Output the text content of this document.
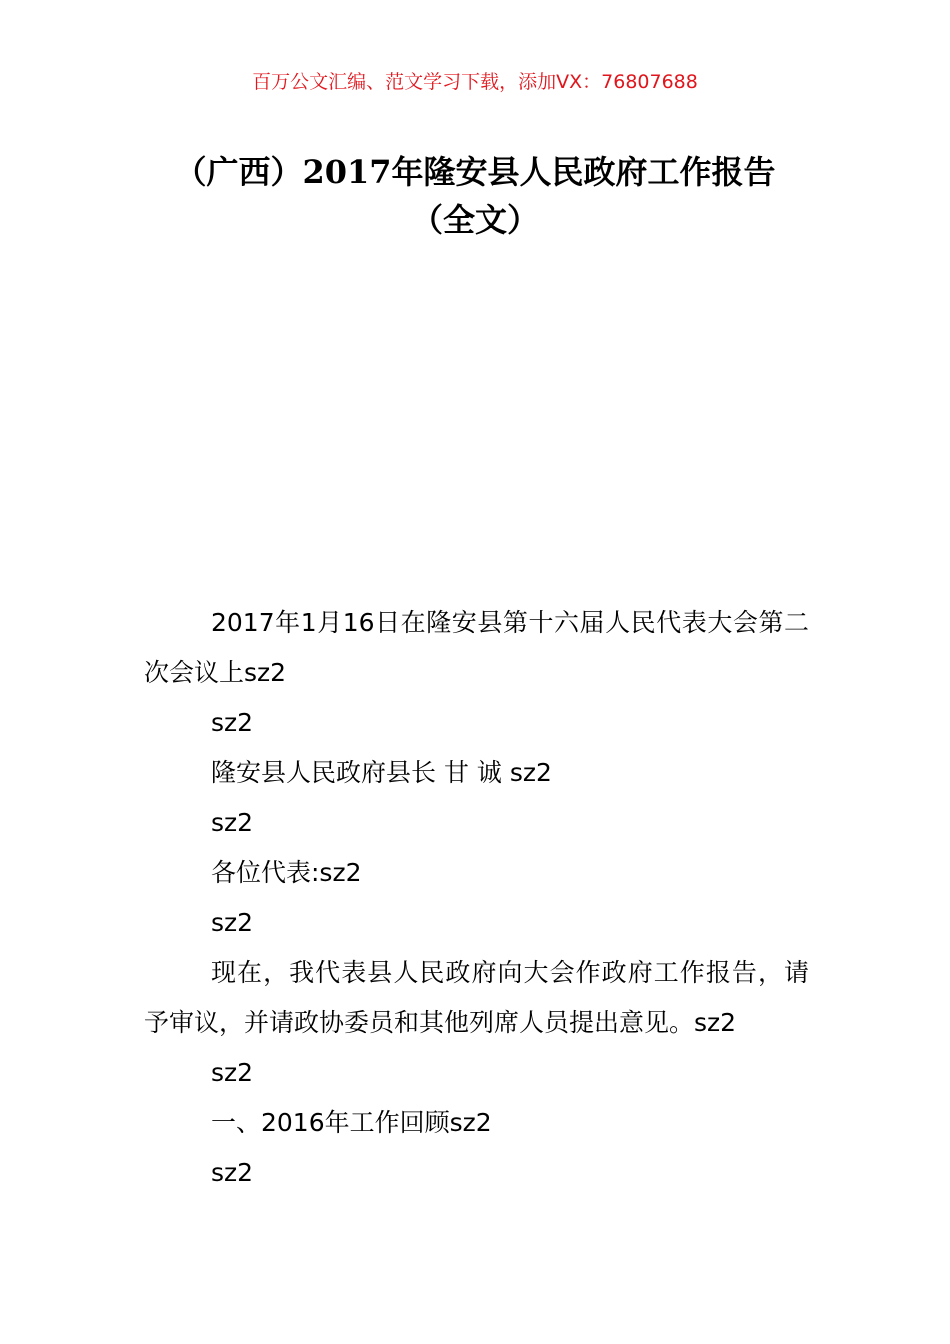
百万公文汇编、范文学习下载，添加VX：76807688
（广西）2017年隆安县人民政府工作报告
（全文）

2017年1月16日在隆安县第十六届人民代表大会第二次会议上sz2

sz2

隆安县人民政府县长 甘 诚 sz2

sz2

各位代表:sz2

sz2

现在，我代表县人民政府向大会作政府工作报告，请予审议，并请政协委员和其他列席人员提出意见。sz2

sz2

一、2016年工作回顾sz2

sz2
